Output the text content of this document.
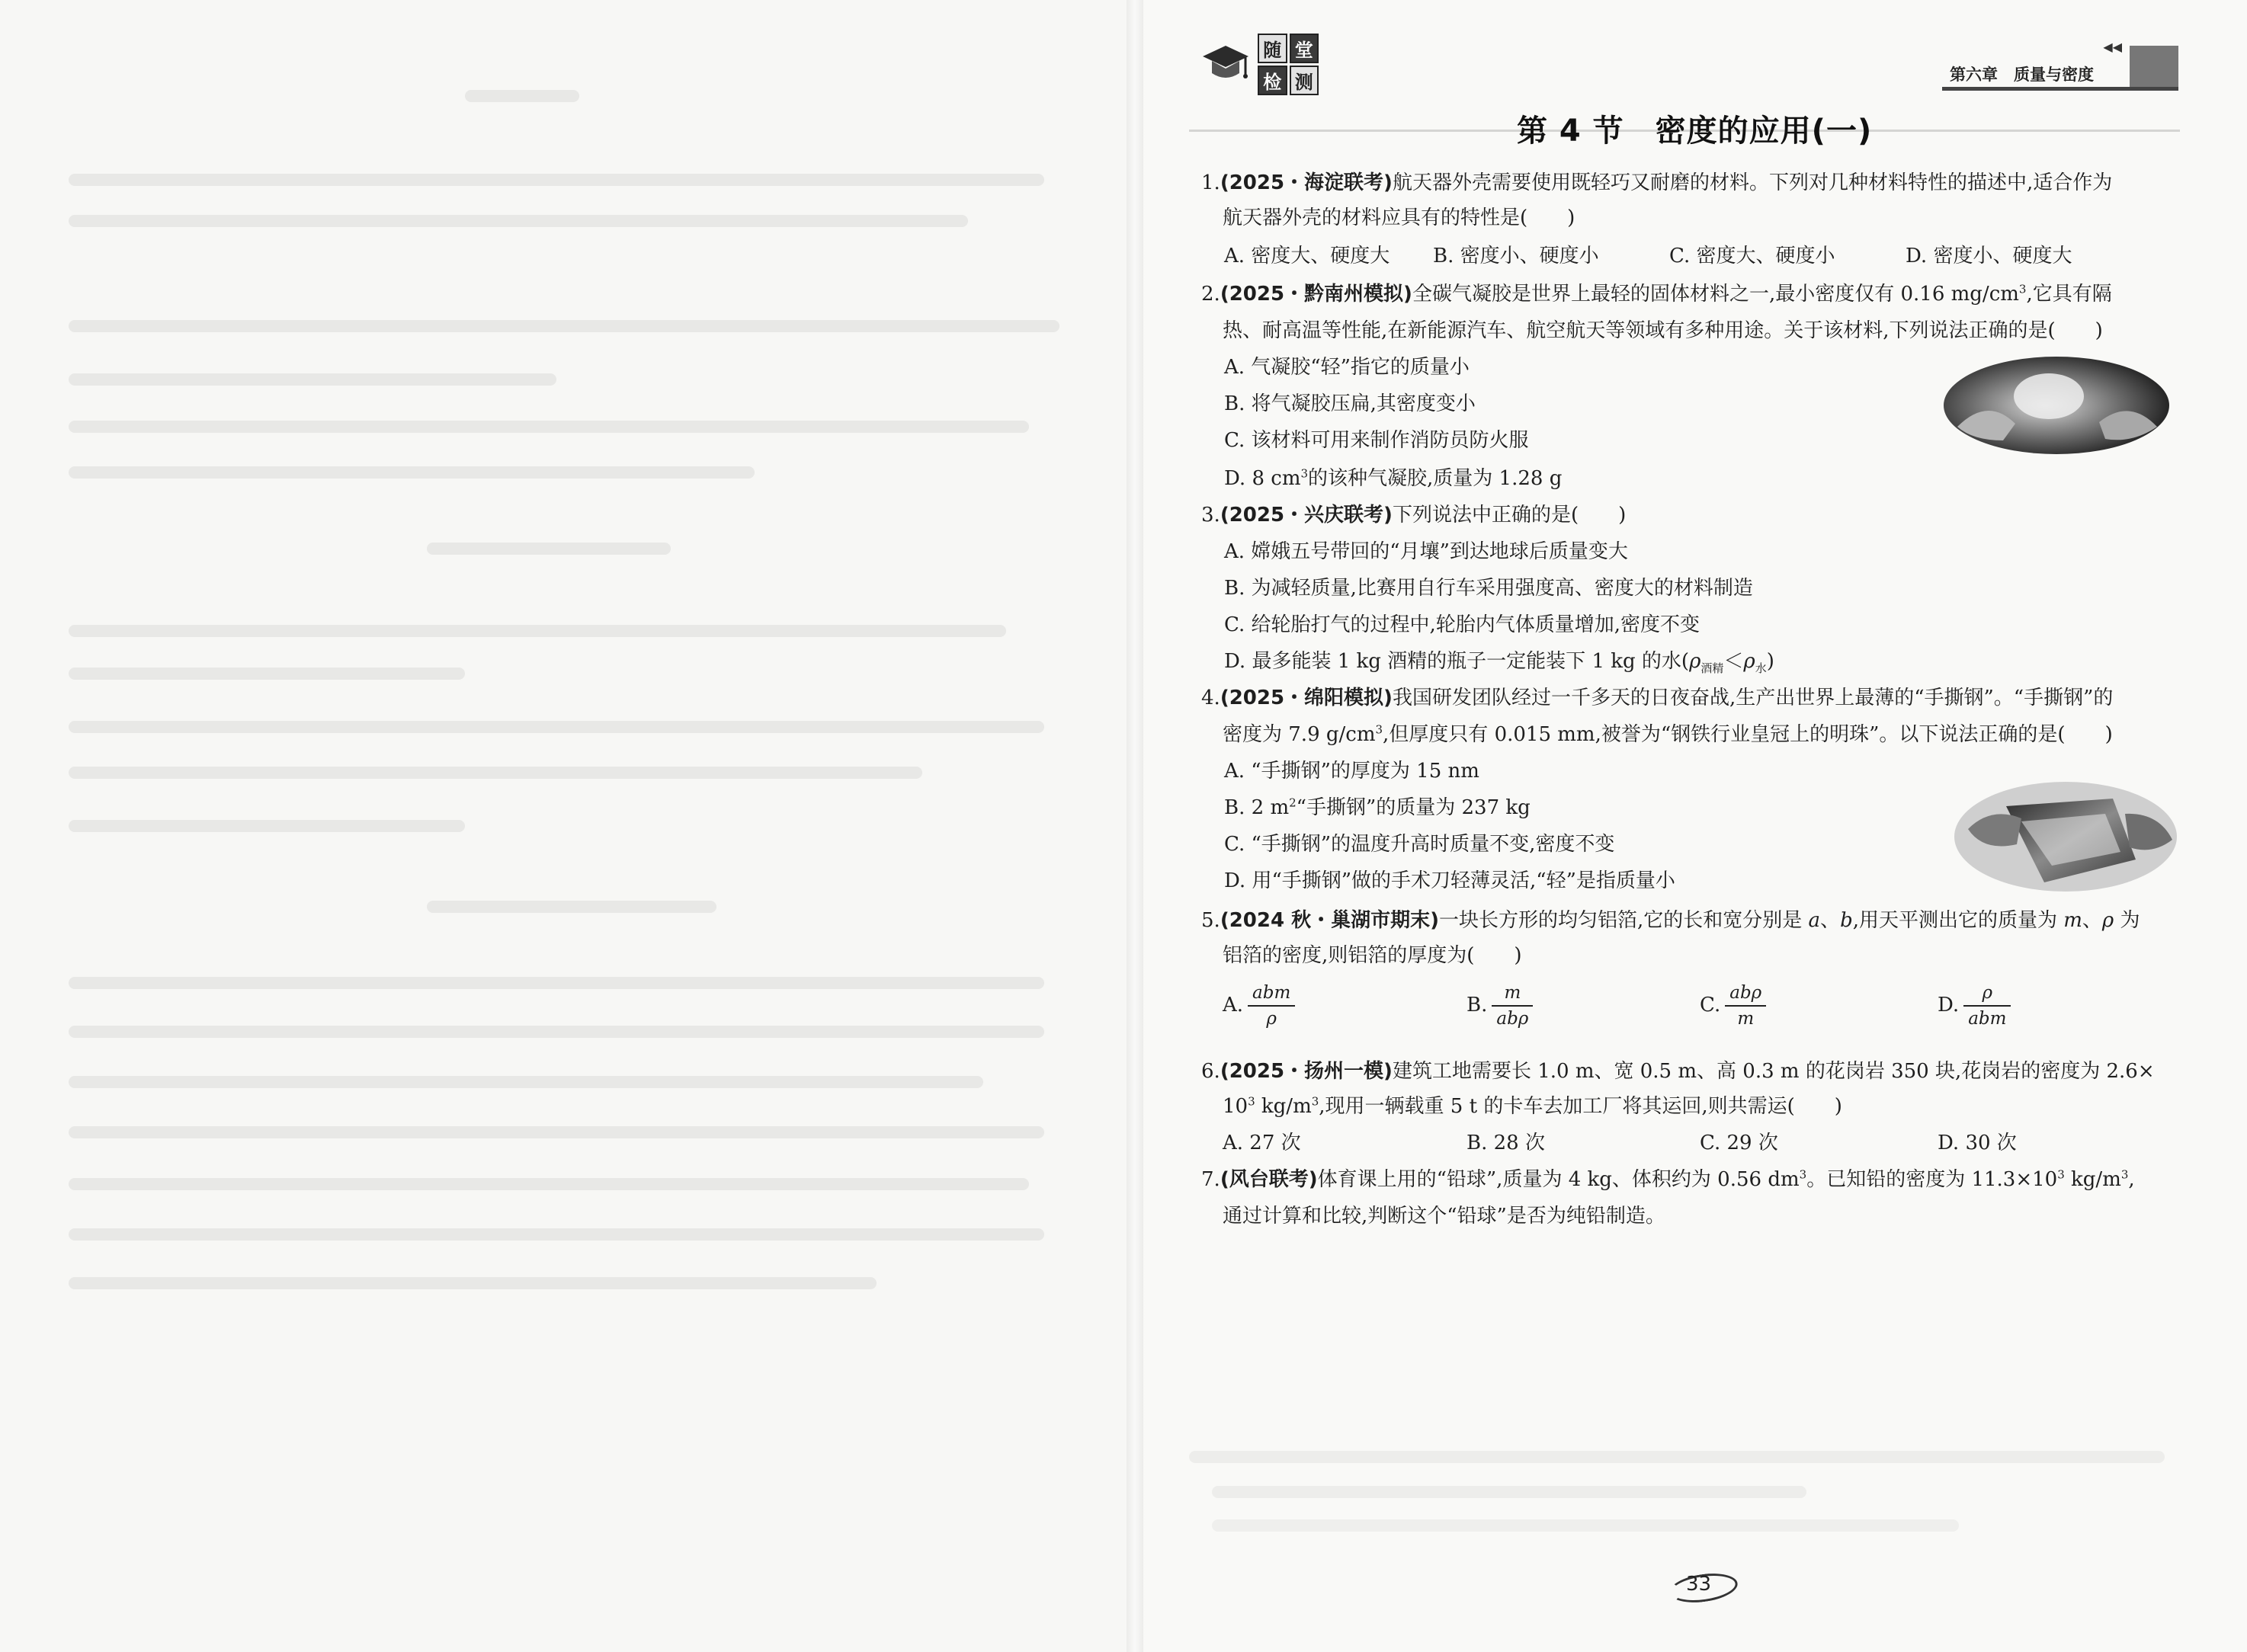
随 堂
检 测
◀◀
第六章　质量与密度
第 4 节　密度的应用(一)
1.(2025・海淀联考)航天器外壳需要使用既轻巧又耐磨的材料。下列对几种材料特性的描述中,适合作为
航天器外壳的材料应具有的特性是(　　)
A. 密度大、硬度大 B. 密度小、硬度小	C. 密度大、硬度小	D. 密度小、硬度大
2.(2025・黔南州模拟)全碳气凝胶是世界上最轻的固体材料之一,最小密度仅有 0.16 $mg/cm^3$,它具有隔
热、耐高温等性能,在新能源汽车、航空航天等领域有多种用途。关于该材料,下列说法正确的是(　　)
A. 气凝胶“轻”指它的质量小
B. 将气凝胶压扁,其密度变小
C. 该材料可用来制作消防员防火服
D. 8 $cm^3$的该种气凝胶,质量为 1.28 g
3.(2025・兴庆联考)下列说法中正确的是(　　)
A. 嫦娥五号带回的“月壤”到达地球后质量变大
B. 为减轻质量,比赛用自行车采用强度高、密度大的材料制造
C. 给轮胎打气的过程中,轮胎内气体质量增加,密度不变
D. 最多能装 1 kg 酒精的瓶子一定能装下 1 kg 的水$(\rho_{酒精}<\rho_水)$
4.(2025・绵阳模拟)我国研发团队经过一千多天的日夜奋战,生产出世界上最薄的“手撕钢”。“手撕钢”的
密度为 7.9 $g/cm^3$,但厚度只有 0.015 mm,被誉为“钢铁行业皇冠上的明珠”。以下说法正确的是(　　)
A. “手撕钢”的厚度为 15 nm
B. 2 $m^2“$手撕钢”的质量为 237 kg
C. “手撕钢”的温度升高时质量不变,密度不变
D. 用“手撕钢”做的手术刀轻薄灵活,“轻”是指质量小
5.(2024 秋・巢湖市期末)一块长方形的均匀铝箔,它的长和宽分别是 a、b,用天平测出它的质量为 m、ρ 为
铝箔的密度,则铝箔的厚度为(　　)
A. $\frac{\text{abm}}{\rho}$	B. $\frac{m}{\text{abρ}}$	C. $\frac{\text{abρ}}{m}$	D. $\frac{\rho}{\text{abm}}$
6.(2025・扬州一模)建筑工地需要长 1.0 m、宽 0.5 m、高 0.3 m 的花岗岩 350 块,花岗岩的密度为 2.6×
$10^3$ $kg/m^3$,现用一辆载重 5 t 的卡车去加工厂将其运回,则共需运(　　)
A. 27 次	B. 28 次	C. 29 次	D. 30 次
7.(风台联考)体育课上用的“铅球”,质量为 4 kg、体积约为 0.56 $dm^3$。已知铅的密度为 $11.3\times 10^3$ $kg/m^3$,
通过计算和比较,判断这个“铅球”是否为纯铅制造。
33
